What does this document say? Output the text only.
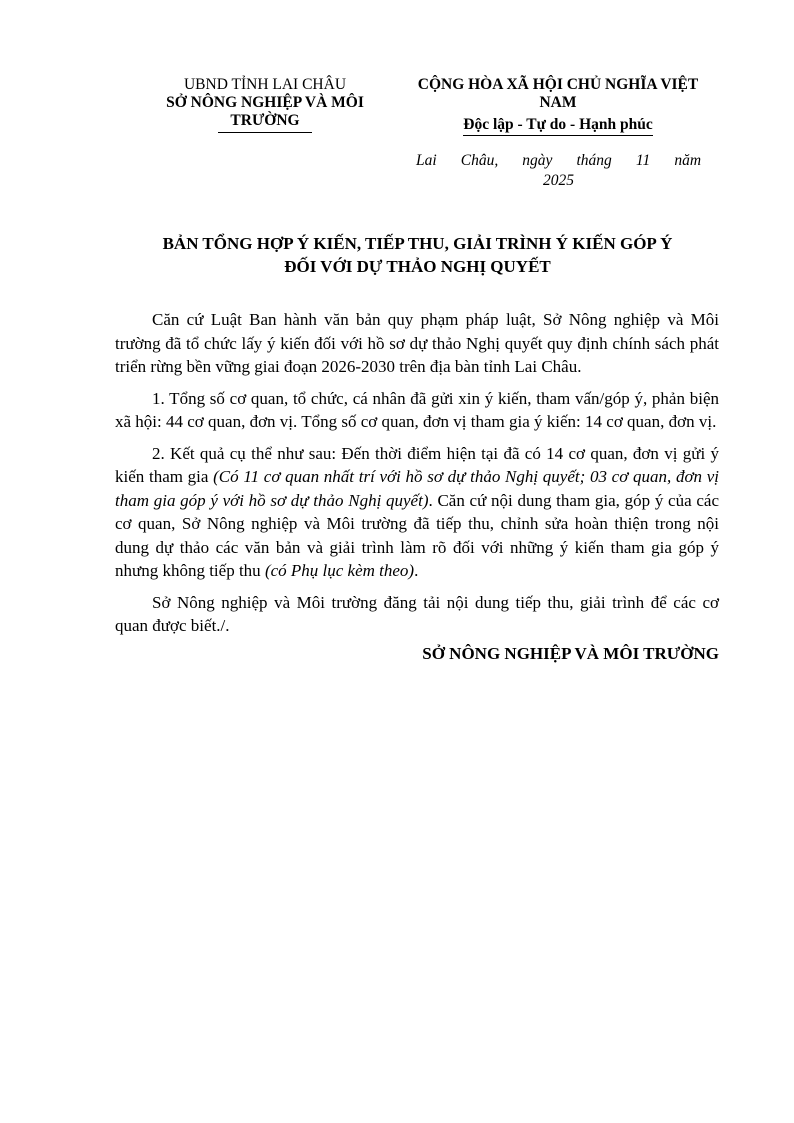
UBND TỈNH LAI CHÂU
SỞ NÔNG NGHIỆP VÀ MÔI TRƯỜNG
CỘNG HÒA XÃ HỘI CHỦ NGHĨA VIỆT NAM
Độc lập - Tự do - Hạnh phúc
Lai Châu, ngày tháng 11 năm
2025
BẢN TỔNG HỢP Ý KIẾN, TIẾP THU, GIẢI TRÌNH Ý KIẾN GÓP Ý
ĐỐI VỚI DỰ THẢO NGHỊ QUYẾT

Căn cứ Luật Ban hành văn bản quy phạm pháp luật, Sở Nông nghiệp và Môi trường đã tổ chức lấy ý kiến đối với hồ sơ dự thảo Nghị quyết quy định chính sách phát triển rừng bền vững giai đoạn 2026-2030 trên địa bàn tỉnh Lai Châu.

1. Tổng số cơ quan, tổ chức, cá nhân đã gửi xin ý kiến, tham vấn/góp ý, phản biện xã hội: 44 cơ quan, đơn vị. Tổng số cơ quan, đơn vị tham gia ý kiến: 14 cơ quan, đơn vị.

2. Kết quả cụ thể như sau: Đến thời điểm hiện tại đã có 14 cơ quan, đơn vị gửi ý kiến tham gia (Có 11 cơ quan nhất trí với hồ sơ dự thảo Nghị quyết; 03 cơ quan, đơn vị tham gia góp ý với hồ sơ dự thảo Nghị quyết). Căn cứ nội dung tham gia, góp ý của các cơ quan, Sở Nông nghiệp và Môi trường đã tiếp thu, chỉnh sửa hoàn thiện trong nội dung dự thảo các văn bản và giải trình làm rõ đối với những ý kiến tham gia góp ý nhưng không tiếp thu (có Phụ lục kèm theo).

Sở Nông nghiệp và Môi trường đăng tải nội dung tiếp thu, giải trình để các cơ quan được biết./.

SỞ NÔNG NGHIỆP VÀ MÔI TRƯỜNG
